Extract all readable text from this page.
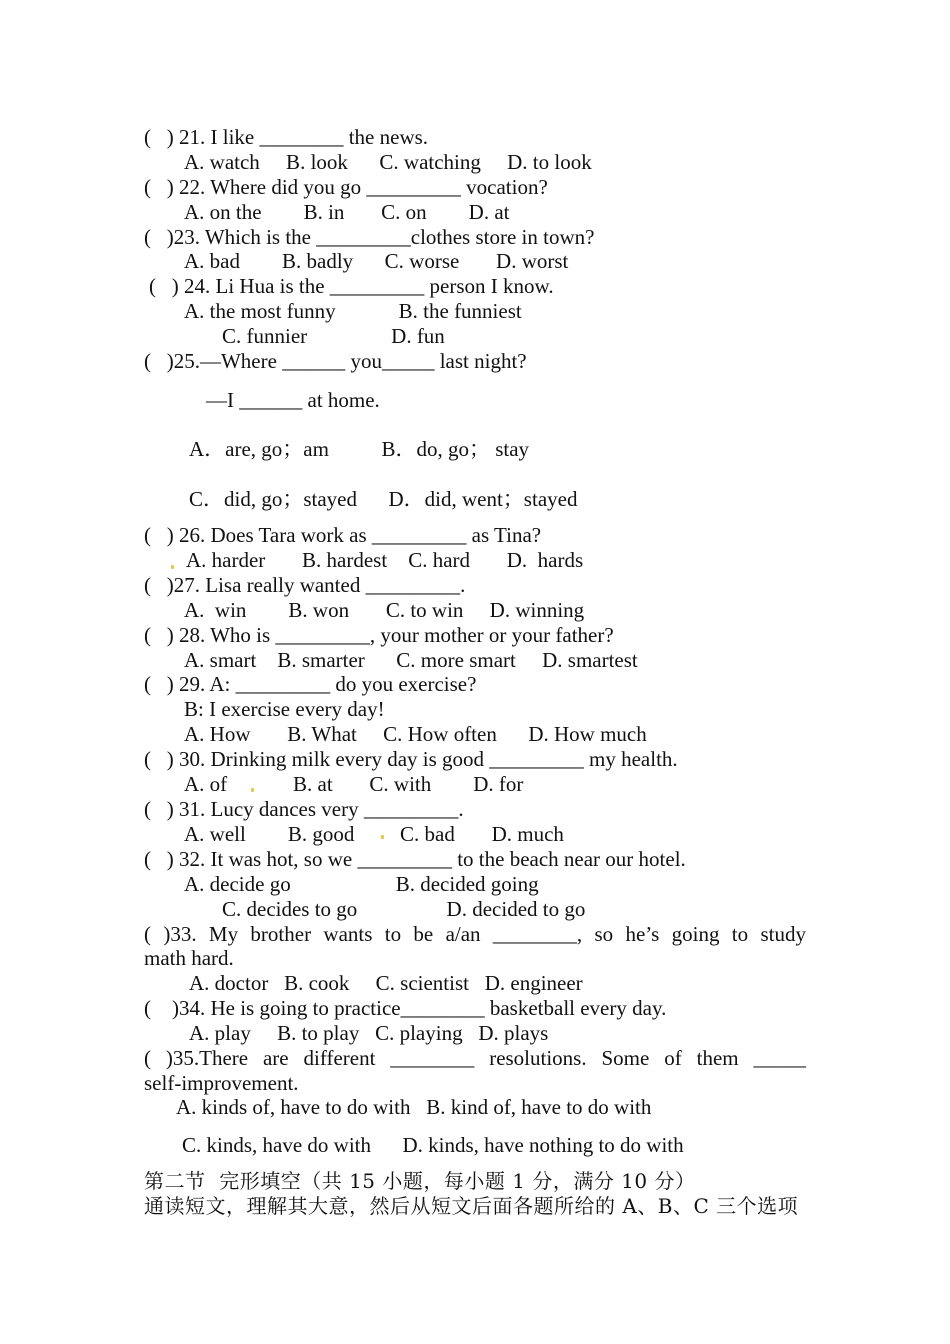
(   ) 21. I like ________ the news.
A. watch     B. look      C. watching     D. to look
(   ) 22. Where did you go _________ vocation?
A. on the        B. in       C. on        D. at
(   )23. Which is the _________clothes store in town?
A. bad        B. badly      C. worse       D. worst
(   ) 24. Li Hua is the _________ person I know.
A. the most funny            B. the funniest
C. funnier                D. fun
(   )25.—Where ______ you_____ last night?
—I ______ at home.
A．are, go；am          B．do, go； stay
C．did, go；stayed      D．did, went；stayed
(   ) 26. Does Tara work as _________ as Tina?
A. harder       B. hardest    C. hard       D.  hards
(   )27. Lisa really wanted _________.
A.  win        B. won       C. to win     D. winning
(   ) 28. Who is _________, your mother or your father?
A. smart    B. smarter      C. more smart     D. smartest
(   ) 29. A: _________ do you exercise?
B: I exercise every day!
A. How       B. What     C. How often      D. How much
(   ) 30. Drinking milk every day is good _________ my health.
A. of	B. at       C. with        D. for
(   ) 31. Lucy dances very _________.
A. well        B. good C. bad       D. much
(   ) 32. It was hot, so we _________ to the beach near our hotel.
A. decide go                    B. decided going
C. decides to go                 D. decided to go
( )33. My brother wants to be a/an ________, so he’s going to study
math hard.
A. doctor   B. cook     C. scientist   D. engineer
(    )34. He is going to practice________ basketball every day.
A. play     B. to play   C. playing   D. plays
( )35.There are different ________ resolutions. Some of them _____
self-improvement.
A. kinds of, have to do with   B. kind of, have to do with
C. kinds, have do with      D. kinds, have nothing to do with
第二节  完形填空（共 15 小题，每小题 1 分，满分 10 分）
通读短文，理解其大意，然后从短文后面各题所给的 A、B、C 三个选项
